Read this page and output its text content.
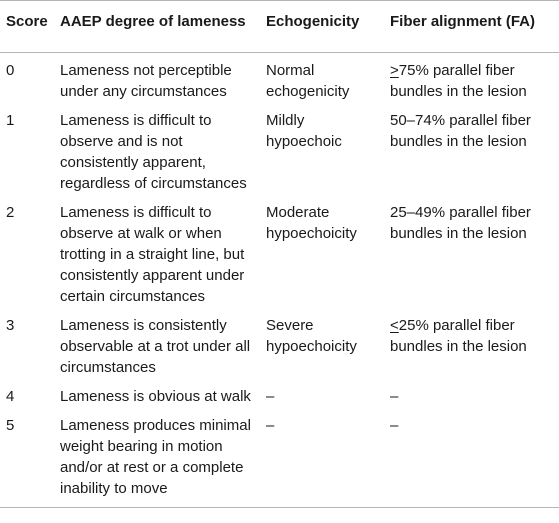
Score	AAEP degree of lameness	Echogenicity	Fiber alignment (FA)
0	Lameness not perceptible under any circumstances	Normal echogenicity	>75% parallel fiber bundles in the lesion
1	Lameness is difficult to observe and is not consistently apparent, regardless of circumstances	Mildly hypoechoic	50–74% parallel fiber bundles in the lesion
2	Lameness is difficult to observe at walk or when trotting in a straight line, but consistently apparent under certain circumstances	Moderate hypoechoicity	25–49% parallel fiber bundles in the lesion
3	Lameness is consistently observable at a trot under all circumstances	Severe hypoechoicity	<25% parallel fiber bundles in the lesion
4	Lameness is obvious at walk	–	–
5	Lameness produces minimal weight bearing in motion and/or at rest or a complete inability to move	–	–
